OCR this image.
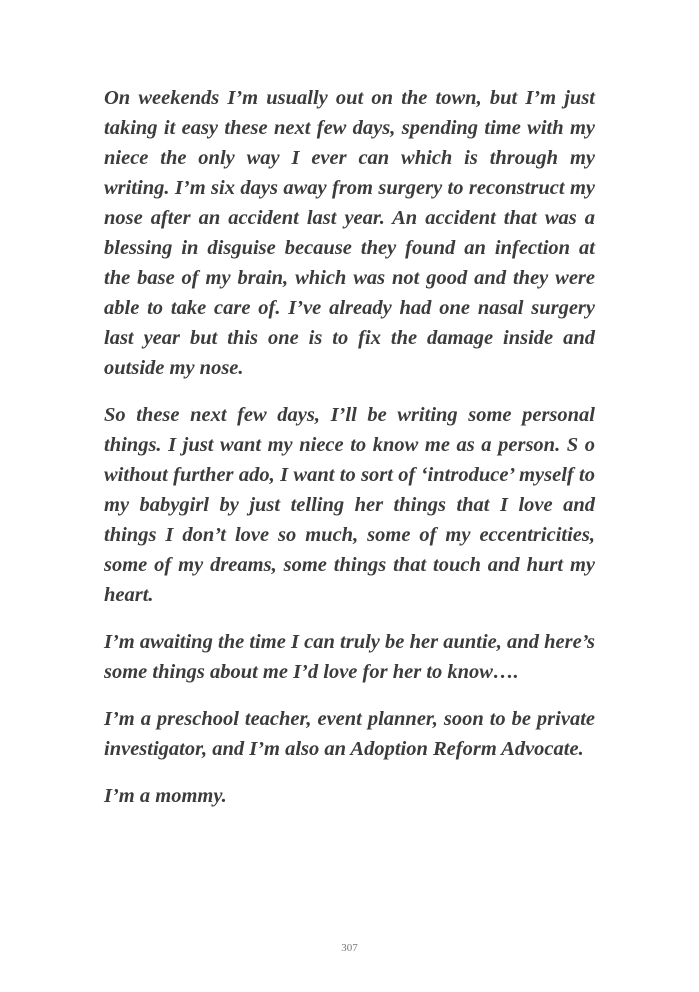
On weekends I’m usually out on the town, but I’m just taking it easy these next few days, spending time with my niece the only way I ever can which is through my writing. I’m six days away from surgery to reconstruct my nose after an accident last year. An accident that was a blessing in disguise because they found an infection at the base of my brain, which was not good and they were able to take care of. I’ve already had one nasal surgery last year but this one is to fix the damage inside and outside my nose.

So these next few days, I’ll be writing some personal things. I just want my niece to know me as a person. S o without further ado, I want to sort of ‘introduce’ myself to my babygirl by just telling her things that I love and things I don’t love so much, some of my eccentricities, some of my dreams, some things that touch and hurt my heart.

I’m awaiting the time I can truly be her auntie, and here’s some things about me I’d love for her to know….

I’m a preschool teacher, event planner, soon to be private investigator, and I’m also an Adoption Reform Advocate.

I’m a mommy.

307
